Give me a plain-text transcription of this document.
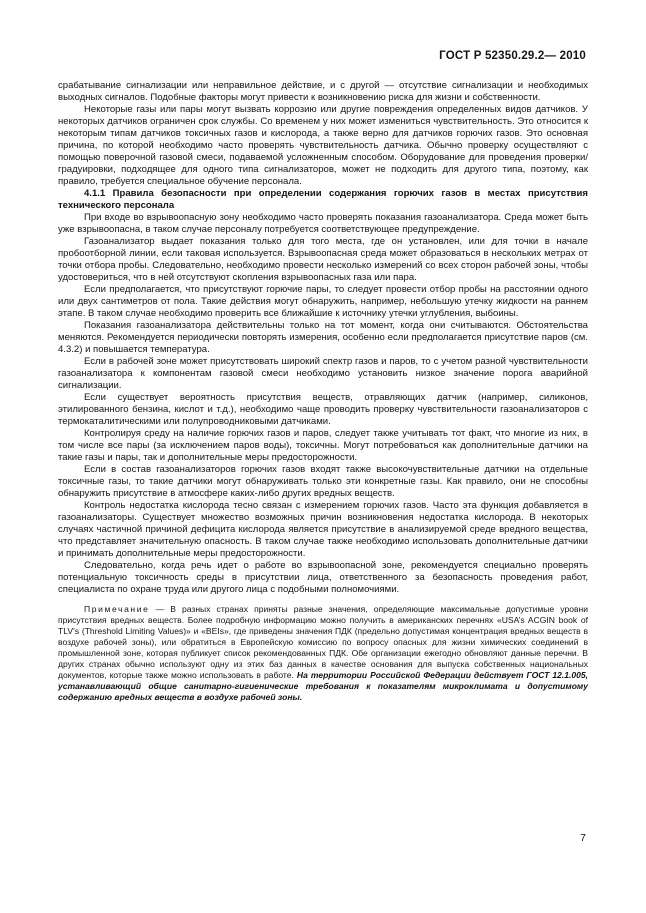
ГОСТ Р 52350.29.2— 2010

срабатывание сигнализации или неправильное действие, и с другой — отсутствие сигнализации и необходимых выходных сигналов. Подобные факторы могут привести к возникновению риска для жизни и собственности.

Некоторые газы или пары могут вызвать коррозию или другие повреждения определенных видов датчиков. У некоторых датчиков ограничен срок службы. Со временем у них может измениться чувствительность. Это относится к некоторым типам датчиков токсичных газов и кислорода, а также верно для датчиков горючих газов. Это основная причина, по которой необходимо часто проверять чувствительность датчика. Обычно проверку осуществляют с помощью поверочной газовой смеси, подаваемой усложненным способом. Оборудование для проведения проверки/градуировки, подходящее для одного типа сигнализаторов, может не подходить для другого типа, поэтому, как правило, требуется специальное обучение персонала.

4.1.1 Правила безопасности при определении содержания горючих газов в местах присутствия технического персонала

При входе во взрывоопасную зону необходимо часто проверять показания газоанализатора. Среда может быть уже взрывоопасна, в таком случае персоналу потребуется соответствующее предупреждение.

Газоанализатор выдает показания только для того места, где он установлен, или для точки в начале пробоотборной линии, если таковая используется. Взрывоопасная среда может образоваться в нескольких метрах от точки отбора пробы. Следовательно, необходимо провести несколько измерений со всех сторон рабочей зоны, чтобы удостовериться, что в ней отсутствуют скопления взрывоопасных газа или пара.

Если предполагается, что присутствуют горючие пары, то следует провести отбор пробы на расстоянии одного или двух сантиметров от пола. Такие действия могут обнаружить, например, небольшую утечку жидкости на раннем этапе. В таком случае необходимо проверить все ближайшие к источнику утечки углубления, выбоины.

Показания газоанализатора действительны только на тот момент, когда они считываются. Обстоятельства меняются. Рекомендуется периодически повторять измерения, особенно если предполагается присутствие паров (см. 4.3.2) и повышается температура.

Если в рабочей зоне может присутствовать широкий спектр газов и паров, то с учетом разной чувствительности газоанализатора к компонентам газовой смеси необходимо установить низкое значение порога аварийной сигнализации.

Если существует вероятность присутствия веществ, отравляющих датчик (например, силиконов, этилированного бензина, кислот и т.д.), необходимо чаще проводить проверку чувствительности газоанализаторов с термокаталитическими или полупроводниковыми датчиками.

Контролируя среду на наличие горючих газов и паров, следует также учитывать тот факт, что многие из них, в том числе все пары (за исключением паров воды), токсичны. Могут потребоваться как дополнительные датчики на такие газы и пары, так и дополнительные меры предосторожности.

Если в состав газоанализаторов горючих газов входят также высокочувствительные датчики на отдельные токсичные газы, то такие датчики могут обнаруживать только эти конкретные газы. Как правило, они не способны обнаружить присутствие в атмосфере каких-либо других вредных веществ.

Контроль недостатка кислорода тесно связан с измерением горючих газов. Часто эта функция добавляется в газоанализаторы. Существует множество возможных причин возникновения недостатка кислорода. В некоторых случаях частичной причиной дефицита кислорода является присутствие в анализируемой среде вредного вещества, что представляет значительную опасность. В таком случае также необходимо использовать дополнительные датчики и принимать дополнительные меры предосторожности.

Следовательно, когда речь идет о работе во взрывоопасной зоне, рекомендуется специально проверять потенциальную токсичность среды в присутствии лица, ответственного за безопасность проведения работ, специалиста по охране труда или другого лица с подобными полномочиями.

Примечание — В разных странах приняты разные значения, определяющие максимальные допустимые уровни присутствия вредных веществ. Более подробную информацию можно получить в американских перечнях «USA’s ACGIN book of TLV’s (Threshold Limiting Values)» и «BEIs», где приведены значения ПДК (предельно допустимая концентрация вредных веществ в воздухе рабочей зоны), или обратиться в Европейскую комиссию по вопросу опасных для жизни химических соединений в промышленной зоне, которая публикует список рекомендованных ПДК. Обе организации ежегодно обновляют данные перечни. В других странах обычно используют одну из этих баз данных в качестве основания для выпуска собственных национальных документов, которые также можно использовать в работе. На территории Российской Федерации действует ГОСТ 12.1.005, устанавливающий общие санитарно-гигиенические требования к показателям микроклимата и допустимому содержанию вредных веществ в воздухе рабочей зоны.

7
